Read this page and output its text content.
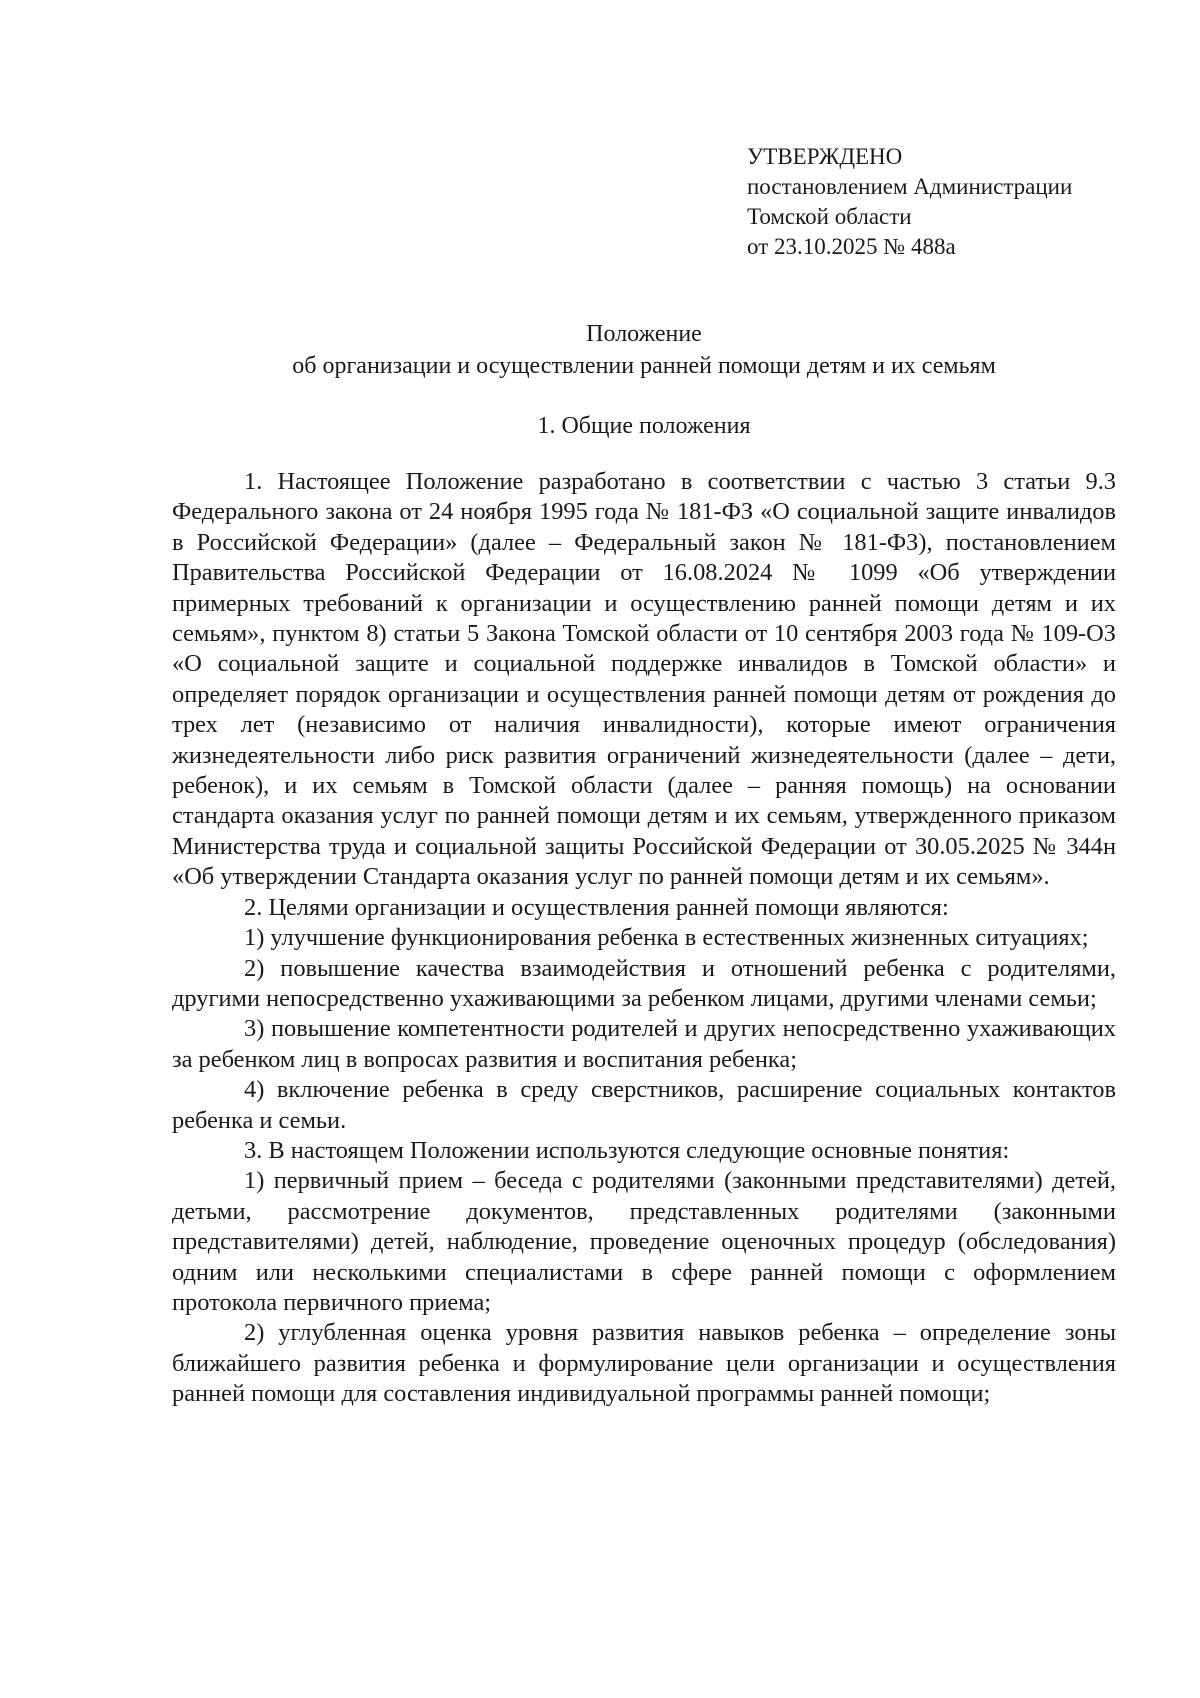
УТВЕРЖДЕНО
постановлением Администрации
Томской области
от 23.10.2025 № 488а
Положение
об организации и осуществлении ранней помощи детям и их семьям
1. Общие положения

1. Настоящее Положение разработано в соответствии с частью 3 статьи 9.3 Федерального закона от 24 ноября 1995 года № 181-ФЗ «О социальной защите инвалидов в Российской Федерации» (далее – Федеральный закон № 181-ФЗ), постановлением Правительства Российской Федерации от 16.08.2024 № 1099 «Об утверждении примерных требований к организации и осуществлению ранней помощи детям и их семьям», пунктом 8) статьи 5 Закона Томской области от 10 сентября 2003 года № 109-ОЗ «О социальной защите и социальной поддержке инвалидов в Томской области» и определяет порядок организации и осуществления ранней помощи детям от рождения до трех лет (независимо от наличия инвалидности), которые имеют ограничения жизнедеятельности либо риск развития ограничений жизнедеятельности (далее – дети, ребенок), и их семьям в Томской области (далее – ранняя помощь) на основании стандарта оказания услуг по ранней помощи детям и их семьям, утвержденного приказом Министерства труда и социальной защиты Российской Федерации от 30.05.2025 № 344н «Об утверждении Стандарта оказания услуг по ранней помощи детям и их семьям».

2. Целями организации и осуществления ранней помощи являются:

1) улучшение функционирования ребенка в естественных жизненных ситуациях;

2) повышение качества взаимодействия и отношений ребенка с родителями, другими непосредственно ухаживающими за ребенком лицами, другими членами семьи;

3) повышение компетентности родителей и других непосредственно ухаживающих за ребенком лиц в вопросах развития и воспитания ребенка;

4) включение ребенка в среду сверстников, расширение социальных контактов ребенка и семьи.

3. В настоящем Положении используются следующие основные понятия:

1) первичный прием – беседа с родителями (законными представителями) детей, детьми, рассмотрение документов, представленных родителями (законными представителями) детей, наблюдение, проведение оценочных процедур (обследования) одним или несколькими специалистами в сфере ранней помощи с оформлением протокола первичного приема;

2) углубленная оценка уровня развития навыков ребенка – определение зоны ближайшего развития ребенка и формулирование цели организации и осуществления ранней помощи для составления индивидуальной программы ранней помощи;
